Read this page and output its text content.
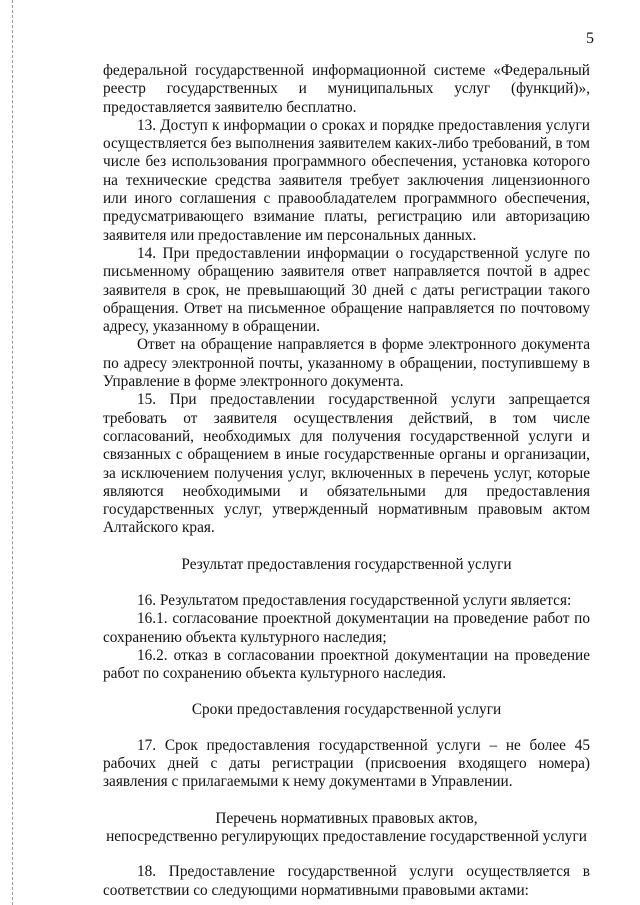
5

федеральной государственной информационной системе «Федеральный реестр государственных и муниципальных услуг (функций)», предоставляется заявителю бесплатно.

13. Доступ к информации о сроках и порядке предоставления услуги осуществляется без выполнения заявителем каких-либо требований, в том числе без использования программного обеспечения, установка которого на технические средства заявителя требует заключения лицензионного или иного соглашения с правообладателем программного обеспечения, предусматривающего взимание платы, регистрацию или авторизацию заявителя или предоставление им персональных данных.

14. При предоставлении информации о государственной услуге по письменному обращению заявителя ответ направляется почтой в адрес заявителя в срок, не превышающий 30 дней с даты регистрации такого обращения. Ответ на письменное обращение направляется по почтовому адресу, указанному в обращении.

Ответ на обращение направляется в форме электронного документа по адресу электронной почты, указанному в обращении, поступившему в Управление в форме электронного документа.

15. При предоставлении государственной услуги запрещается требовать от заявителя осуществления действий, в том числе согласований, необходимых для получения государственной услуги и связанных с обращением в иные государственные органы и организации, за исключением получения услуг, включенных в перечень услуг, которые являются необходимыми и обязательными для предоставления государственных услуг, утвержденный нормативным правовым актом Алтайского края.

Результат предоставления государственной услуги

16. Результатом предоставления государственной услуги является:

16.1. согласование проектной документации на проведение работ по сохранению объекта культурного наследия;

16.2. отказ в согласовании проектной документации на проведение работ по сохранению объекта культурного наследия.

Сроки предоставления государственной услуги

17. Срок предоставления государственной услуги – не более 45 рабочих дней с даты регистрации (присвоения входящего номера) заявления с прилагаемыми к нему документами в Управлении.

Перечень нормативных правовых актов,
непосредственно регулирующих предоставление государственной услуги

18. Предоставление государственной услуги осуществляется в соответствии со следующими нормативными правовыми актами:
